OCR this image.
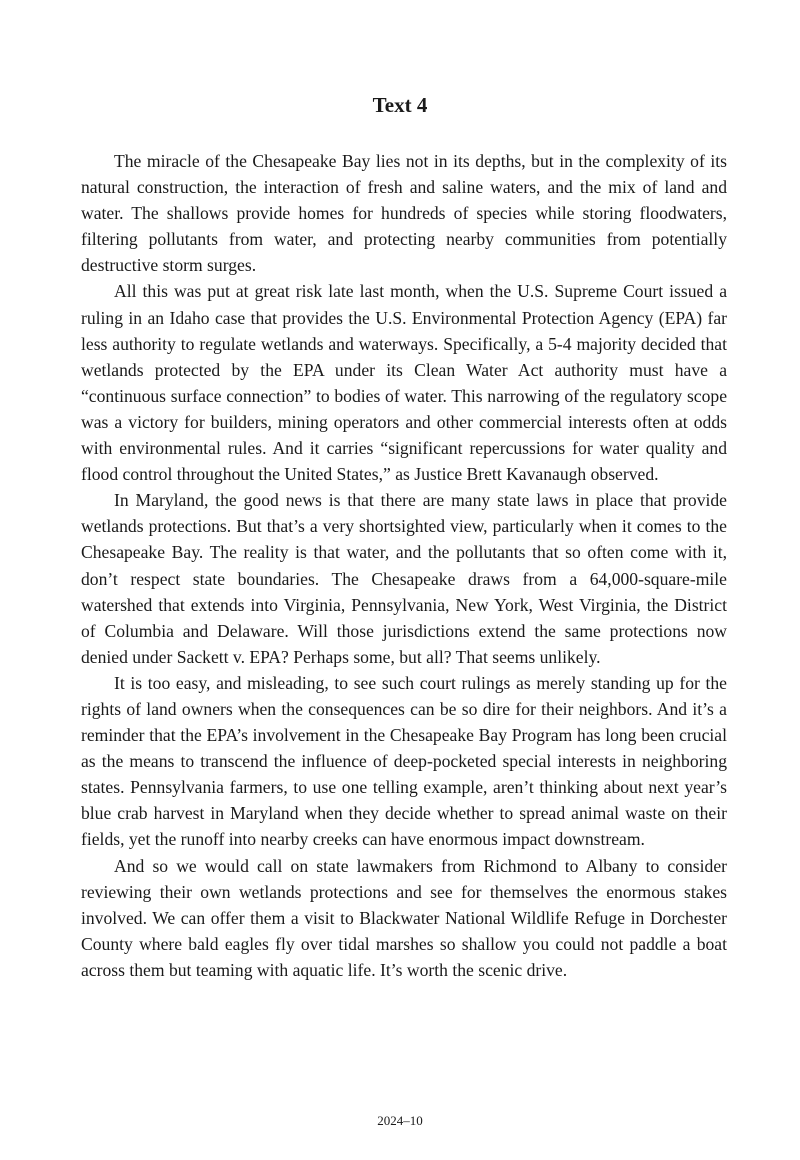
Text 4

The miracle of the Chesapeake Bay lies not in its depths, but in the complexity of its natural construction, the interaction of fresh and saline waters, and the mix of land and water. The shallows provide homes for hundreds of species while storing floodwaters, filtering pollutants from water, and protecting nearby communities from potentially destructive storm surges.

All this was put at great risk late last month, when the U.S. Supreme Court issued a ruling in an Idaho case that provides the U.S. Environmental Protection Agency (EPA) far less authority to regulate wetlands and waterways. Specifically, a 5-4 majority decided that wetlands protected by the EPA under its Clean Water Act authority must have a “continuous surface connection” to bodies of water. This narrowing of the regulatory scope was a victory for builders, mining operators and other commercial interests often at odds with environmental rules. And it carries “significant repercussions for water quality and flood control throughout the United States,” as Justice Brett Kavanaugh observed.

In Maryland, the good news is that there are many state laws in place that provide wetlands protections. But that’s a very shortsighted view, particularly when it comes to the Chesapeake Bay. The reality is that water, and the pollutants that so often come with it, don’t respect state boundaries. The Chesapeake draws from a 64,000-square-mile watershed that extends into Virginia, Pennsylvania, New York, West Virginia, the District of Columbia and Delaware. Will those jurisdictions extend the same protections now denied under Sackett v. EPA? Perhaps some, but all? That seems unlikely.

It is too easy, and misleading, to see such court rulings as merely standing up for the rights of land owners when the consequences can be so dire for their neighbors. And it’s a reminder that the EPA’s involvement in the Chesapeake Bay Program has long been crucial as the means to transcend the influence of deep-pocketed special interests in neighboring states. Pennsylvania farmers, to use one telling example, aren’t thinking about next year’s blue crab harvest in Maryland when they decide whether to spread animal waste on their fields, yet the runoff into nearby creeks can have enormous impact downstream.

And so we would call on state lawmakers from Richmond to Albany to consider reviewing their own wetlands protections and see for themselves the enormous stakes involved. We can offer them a visit to Blackwater National Wildlife Refuge in Dorchester County where bald eagles fly over tidal marshes so shallow you could not paddle a boat across them but teaming with aquatic life. It’s worth the scenic drive.

2024–10
